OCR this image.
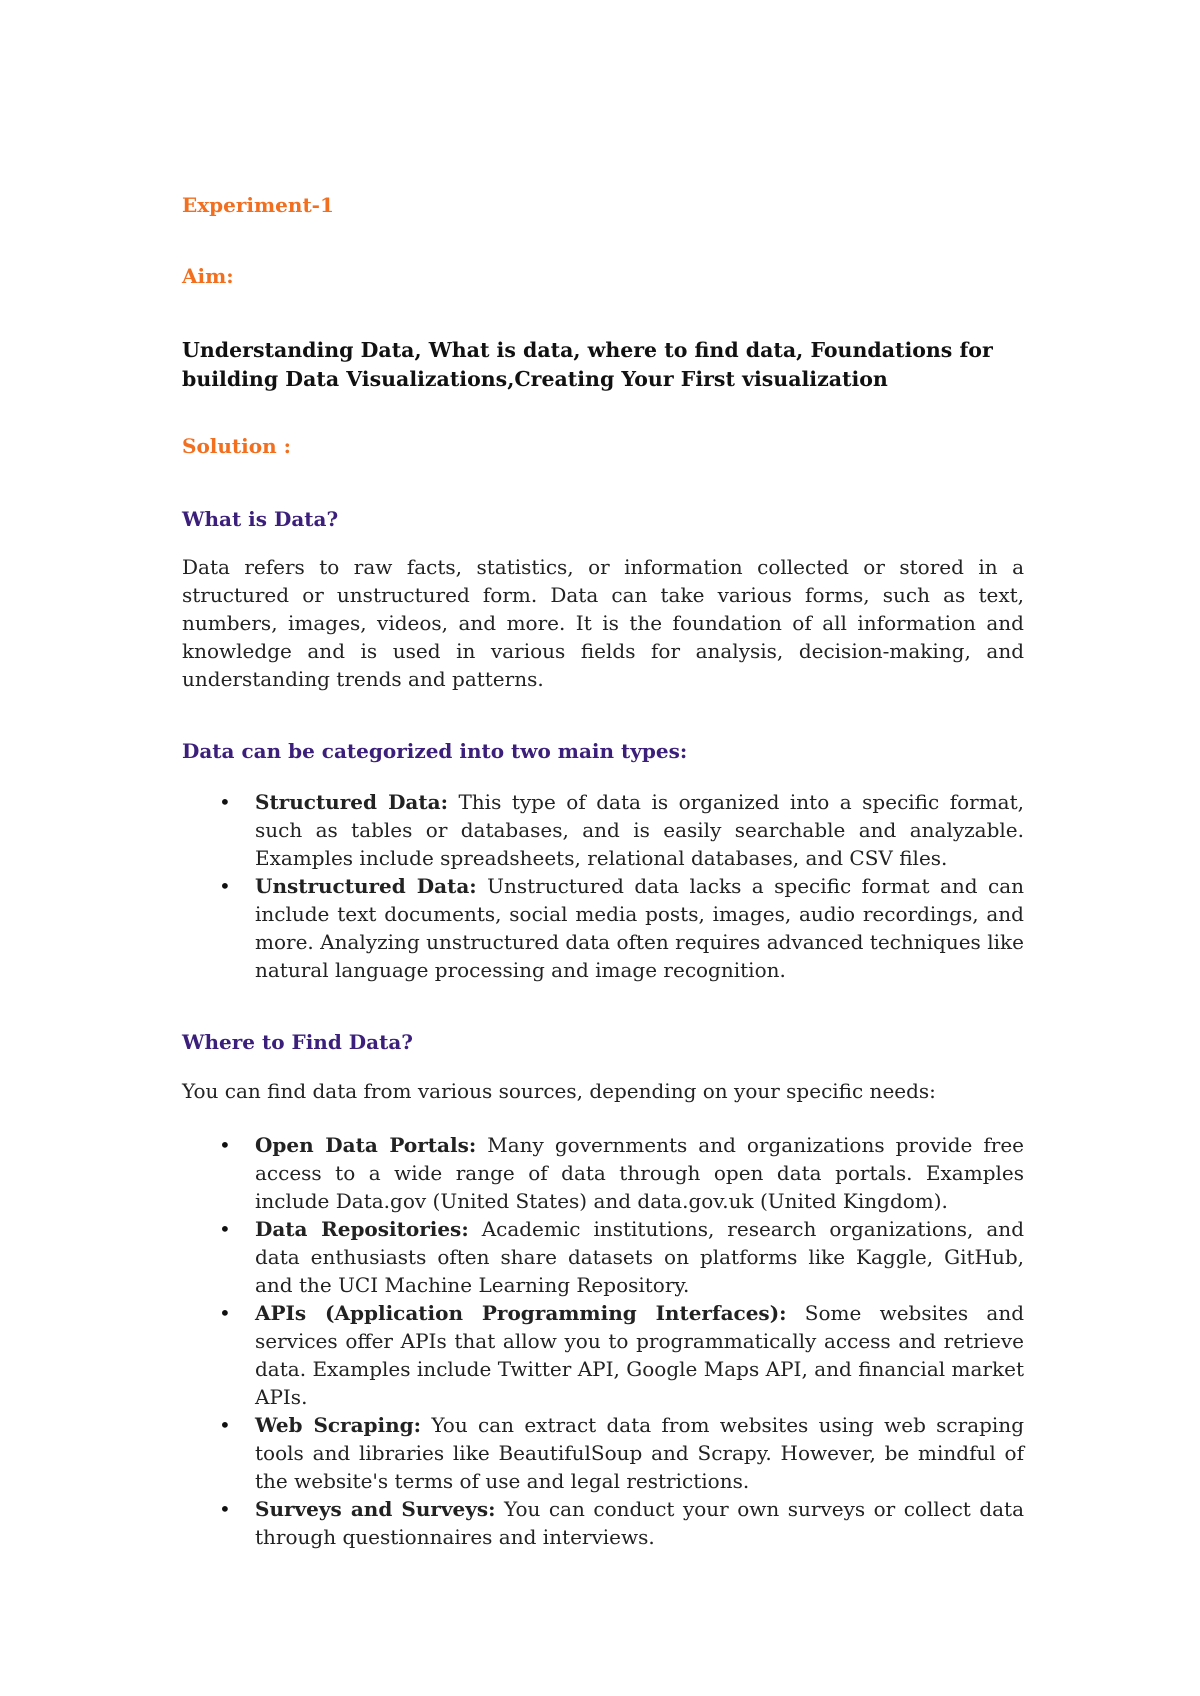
Experiment-1

Aim:

Understanding Data, What is data, where to find data, Foundations for building Data Visualizations,Creating Your First visualization

Solution :

What is Data?

Data refers to raw facts, statistics, or information collected or stored in a structured or unstructured form. Data can take various forms, such as text, numbers, images, videos, and more. It is the foundation of all information and knowledge and is used in various fields for analysis, decision-making, and understanding trends and patterns.

Data can be categorized into two main types:

• Structured Data: This type of data is organized into a specific format, such as tables or databases, and is easily searchable and analyzable. Examples include spreadsheets, relational databases, and CSV files.
• Unstructured Data: Unstructured data lacks a specific format and can include text documents, social media posts, images, audio recordings, and more. Analyzing unstructured data often requires advanced techniques like natural language processing and image recognition.

Where to Find Data?

You can find data from various sources, depending on your specific needs:

• Open Data Portals: Many governments and organizations provide free access to a wide range of data through open data portals. Examples include Data.gov (United States) and data.gov.uk (United Kingdom).
• Data Repositories: Academic institutions, research organizations, and data enthusiasts often share datasets on platforms like Kaggle, GitHub, and the UCI Machine Learning Repository.
• APIs (Application Programming Interfaces): Some websites and services offer APIs that allow you to programmatically access and retrieve data. Examples include Twitter API, Google Maps API, and financial market APIs.
• Web Scraping: You can extract data from websites using web scraping tools and libraries like BeautifulSoup and Scrapy. However, be mindful of the website's terms of use and legal restrictions.
• Surveys and Surveys: You can conduct your own surveys or collect data through questionnaires and interviews.
